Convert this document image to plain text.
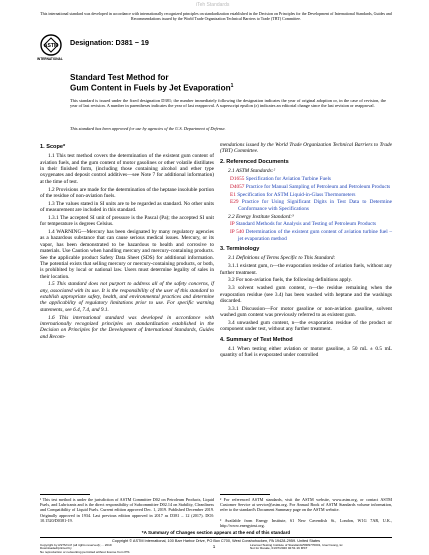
iTeh Standards
This international standard was developed in accordance with internationally recognized principles on standardization established in the Decision on Principles for the Development of International Standards, Guides and Recommendations issued by the World Trade Organization Technical Barriers to Trade (TBT) Committee.
ASTM
INTERNATIONAL
Designation: D381 − 19
Standard Test Method for
Gum Content in Fuels by Jet Evaporation$^1$
This standard is issued under the fixed designation D381; the number immediately following the designation indicates the year of original adoption or, in the case of revision, the year of last revision. A number in parentheses indicates the year of last reapproval. A superscript epsilon (ε) indicates an editorial change since the last revision or reapproval.
This standard has been approved for use by agencies of the U.S. Department of Defense.
1. Scope*

1.1 This test method covers the determination of the existent gum content of aviation fuels, and the gum content of motor gasolines or other volatile distillates in their finished form, (including those containing alcohol and ether type oxygenates and deposit control additives—see Note 7 for additional information) at the time of test.

1.2 Provisions are made for the determination of the heptane insoluble portion of the residue of non-aviation fuels.

1.3 The values stated in SI units are to be regarded as standard. No other units of measurement are included in this standard.

1.3.1 The accepted SI unit of pressure is the Pascal (Pa); the accepted SI unit for temperature is degrees Celsius.

1.4 WARNING—Mercury has been designated by many regulatory agencies as a hazardous substance that can cause serious medical issues. Mercury, or its vapor, has been demonstrated to be hazardous to health and corrosive to materials. Use Caution when handling mercury and mercury-containing products. See the applicable product Safety Data Sheet (SDS) for additional information. The potential exists that selling mercury or mercury-containing products, or both, is prohibited by local or national law. Users must determine legality of sales in their location.

1.5 This standard does not purport to address all of the safety concerns, if any, associated with its use. It is the responsibility of the user of this standard to establish appropriate safety, health, and environmental practices and determine the applicability of regulatory limitations prior to use. For specific warning statements, see 6.4, 7.4, and 9.1.

1.6 This international standard was developed in accordance with internationally recognized principles on standardization established in the Decision on Principles for the Development of International Standards, Guides and Recom-

¹ This test method is under the jurisdiction of ASTM Committee D02 on Petroleum Products, Liquid Fuels, and Lubricants and is the direct responsibility of Subcommittee D02.14 on Stability, Cleanliness and Compatibility of Liquid Fuels. Current edition approved Dec. 1, 2019. Published December 2019. Originally approved in 1934. Last previous edition approved in 2017 as D381 – 12 (2017). DOI: 10.1520/D0381-19.

mendations issued by the World Trade Organization Technical Barriers to Trade (TBT) Committee.

2. Referenced Documents

2.1 ASTM Standards:²

D1655 Specification for Aviation Turbine Fuels

D4057 Practice for Manual Sampling of Petroleum and Petroleum Products

E1 Specification for ASTM Liquid-in-Glass Thermometers

E29 Practice for Using Significant Digits in Test Data to Determine Conformance with Specifications

2.2 Energy Institute Standard:³

IP Standard Methods for Analysis and Testing of Petroleum Products

IP 540 Determination of the existent gum content of aviation turbine fuel – jet evaporation method

3. Terminology

3.1 Definitions of Terms Specific to This Standard:

3.1.1 existent gum, n—the evaporation residue of aviation fuels, without any further treatment.

3.2 For non-aviation fuels, the following definitions apply.

3.3 solvent washed gum content, n—the residue remaining when the evaporation residue (see 3.4) has been washed with heptane and the washings discarded.

3.3.1 Discussion—For motor gasoline or non-aviation gasoline, solvent washed gum content was previously referred to as existent gum.

3.4 unwashed gum content, n—the evaporation residue of the product or component under test, without any further treatment.

4. Summary of Test Method

4.1 When testing either aviation or motor gasoline, a 50 mL ± 0.5 mL quantity of fuel is evaporated under controlled

² For referenced ASTM standards, visit the ASTM website, www.astm.org, or contact ASTM Customer Service at service@astm.org. For Annual Book of ASTM Standards volume information, refer to the standard's Document Summary page on the ASTM website.
³ Available from Energy Institute, 61 New Cavendish St., London, W1G 7AR, U.K., http://www.energyinst.org.
*A Summary of Changes section appears at the end of this standard
Copyright © ASTM International, 100 Barr Harbor Drive, PO Box C700, West Conshohocken, PA 19428-2959. United States
1
Copyright by ASTM Int'l (all rights reserved); ... 2019
Downloaded/printed by
No reproduction or networking permitted without license from IHS
License=Testing Institute of Standards/5909770001, User=wong, kc
Not for Resale, 01/07/2020 02:51:16 MST
